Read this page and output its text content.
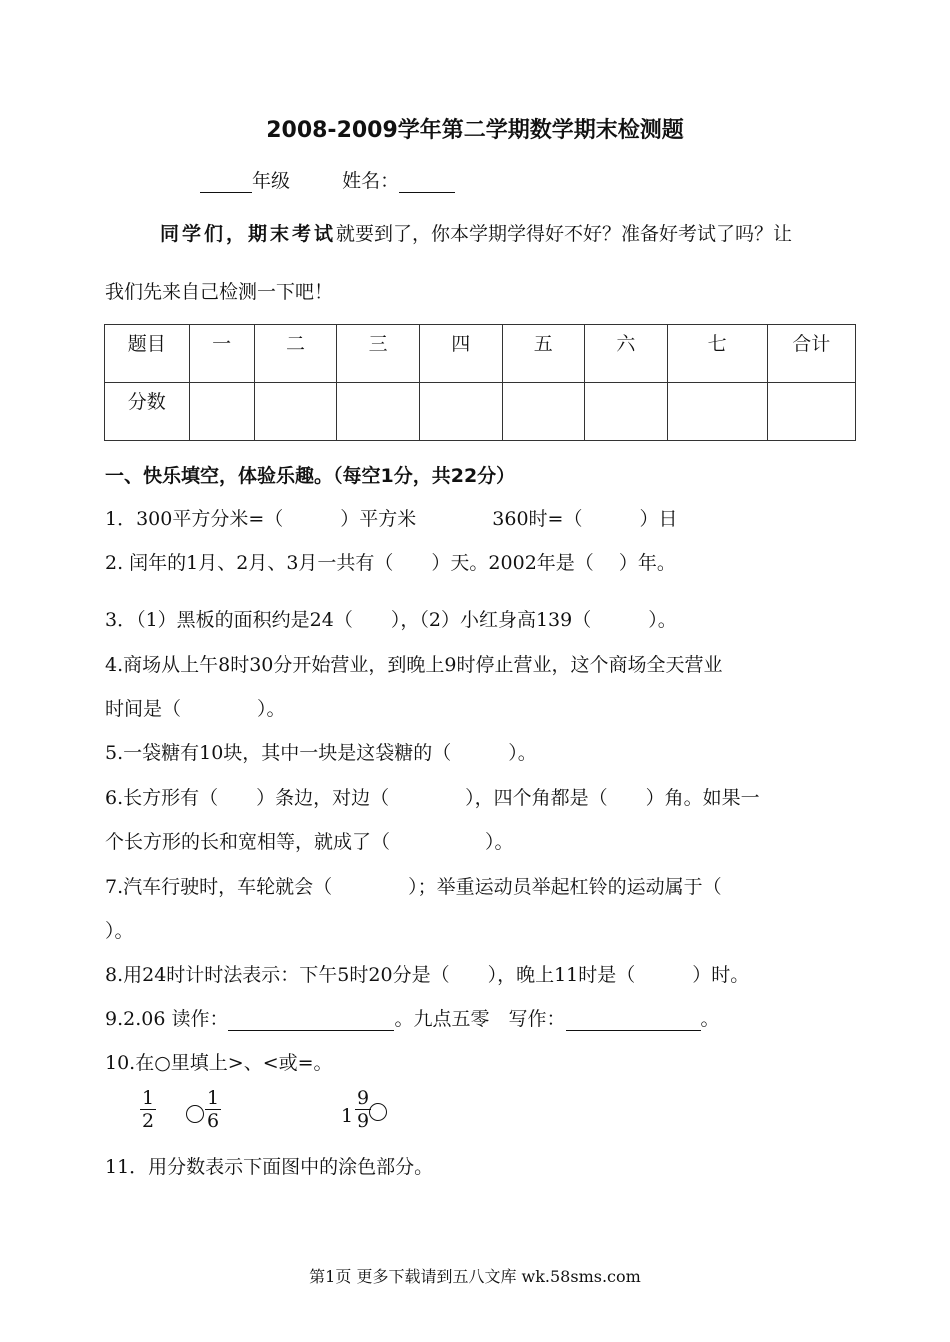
2008-2009学年第二学期数学期末检测题
年级	姓名：
同学们，期末考试就要到了，你本学期学得好不好？准备好考试了吗？让
我们先来自己检测一下吧！
题目	一	二	三	四	五	六	七	合计
分数								
一、快乐填空，体验乐趣。（每空1分，共22分）
1．300平方分米=（　　　）平方米　　　　360时=（　　　）日
2. 闰年的1月、2月、3月一共有（　　）天。2002年是（　 ）年。
3．（1）黑板的面积约是24（　　），（2）小红身高139（　　　）。
4.商场从上午8时30分开始营业，到晚上9时停止营业，这个商场全天营业
时间是（　　　　）。
5.一袋糖有10块，其中一块是这袋糖的（　　　）。
6.长方形有（　　）条边，对边（　　　　），四个角都是（　　）角。如果一
个长方形的长和宽相等，就成了（　　　　　）。
7.汽车行驶时，车轮就会（　　　　）；举重运动员举起杠铃的运动属于（
）。
8.用24时计时法表示：下午5时20分是（　　），晚上11时是（　　　）时。
9.2.06 读作：	。九点五零　写作：	。
10.在○里填上>、<或=。
$\frac{1}{2}$	$\frac{1}{6}$	$1 \frac{9}{9}$
11．用分数表示下面图中的涂色部分。
第1页 更多下载请到五八文库 wk.58sms.com
